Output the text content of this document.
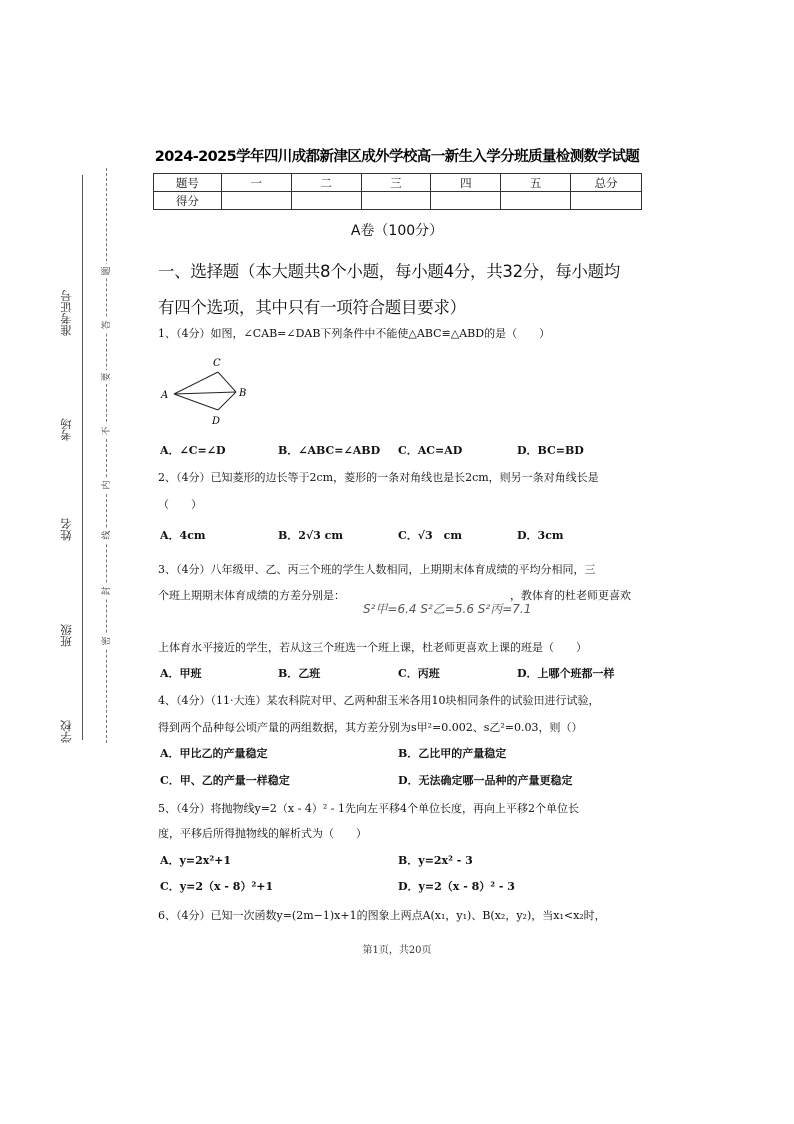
题
答
要
不
内
线
封
密
准考证号
考场
姓名
班级
学校
2024-2025学年四川成都新津区成外学校高一新生入学分班质量检测数学试题
题号	一	二	三	四	五	总分
得分						
A卷（100分）
一、选择题（本大题共8个小题，每小题4分，共32分，每小题均
有四个选项，其中只有一项符合题目要求）
1、（4分）如图，∠CAB=∠DAB下列条件中不能使△ABC≌△ABD的是（　　）
C
A	B
D
A．∠C=∠D	B．∠ABC=∠ABD C．AC=AD	D．BC=BD
2、（4分）已知菱形的边长等于2cm，菱形的一条对角线也是长2cm，则另一条对角线长是
（　　）
A．4cm	B．2√3 cm	C．√3　cm	D．3cm
3、（4分）八年级甲、乙、丙三个班的学生人数相同，上期期末体育成绩的平均分相同，三
个班上期期末体育成绩的方差分别是：
S²甲=6.4 S²乙=5.6 S²丙=7.1
，教体育的杜老师更喜欢
上体育水平接近的学生，若从这三个班选一个班上课，杜老师更喜欢上课的班是（　　）
A．甲班	B．乙班	C．丙班	D．上哪个班都一样
4、（4分）（11·大连）某农科院对甲、乙两种甜玉米各用10块相同条件的试验田进行试验，
得到两个品种每公顷产量的两组数据，其方差分别为s甲²=0.002、s乙²=0.03，则（）
A．甲比乙的产量稳定	B．乙比甲的产量稳定
C．甲、乙的产量一样稳定	D．无法确定哪一品种的产量更稳定
5、（4分）将抛物线y=2（x - 4）² - 1先向左平移4个单位长度，再向上平移2个单位长
度，平移后所得抛物线的解析式为（　　）
A．y=2x²+1	B．y=2x² - 3
C．y=2（x - 8）²+1	D．y=2（x - 8）² - 3
6、（4分）已知一次函数y=(2m−1)x+1的图象上两点A(x₁，y₁)、B(x₂，y₂)，当x₁<x₂时，
第1页，共20页
